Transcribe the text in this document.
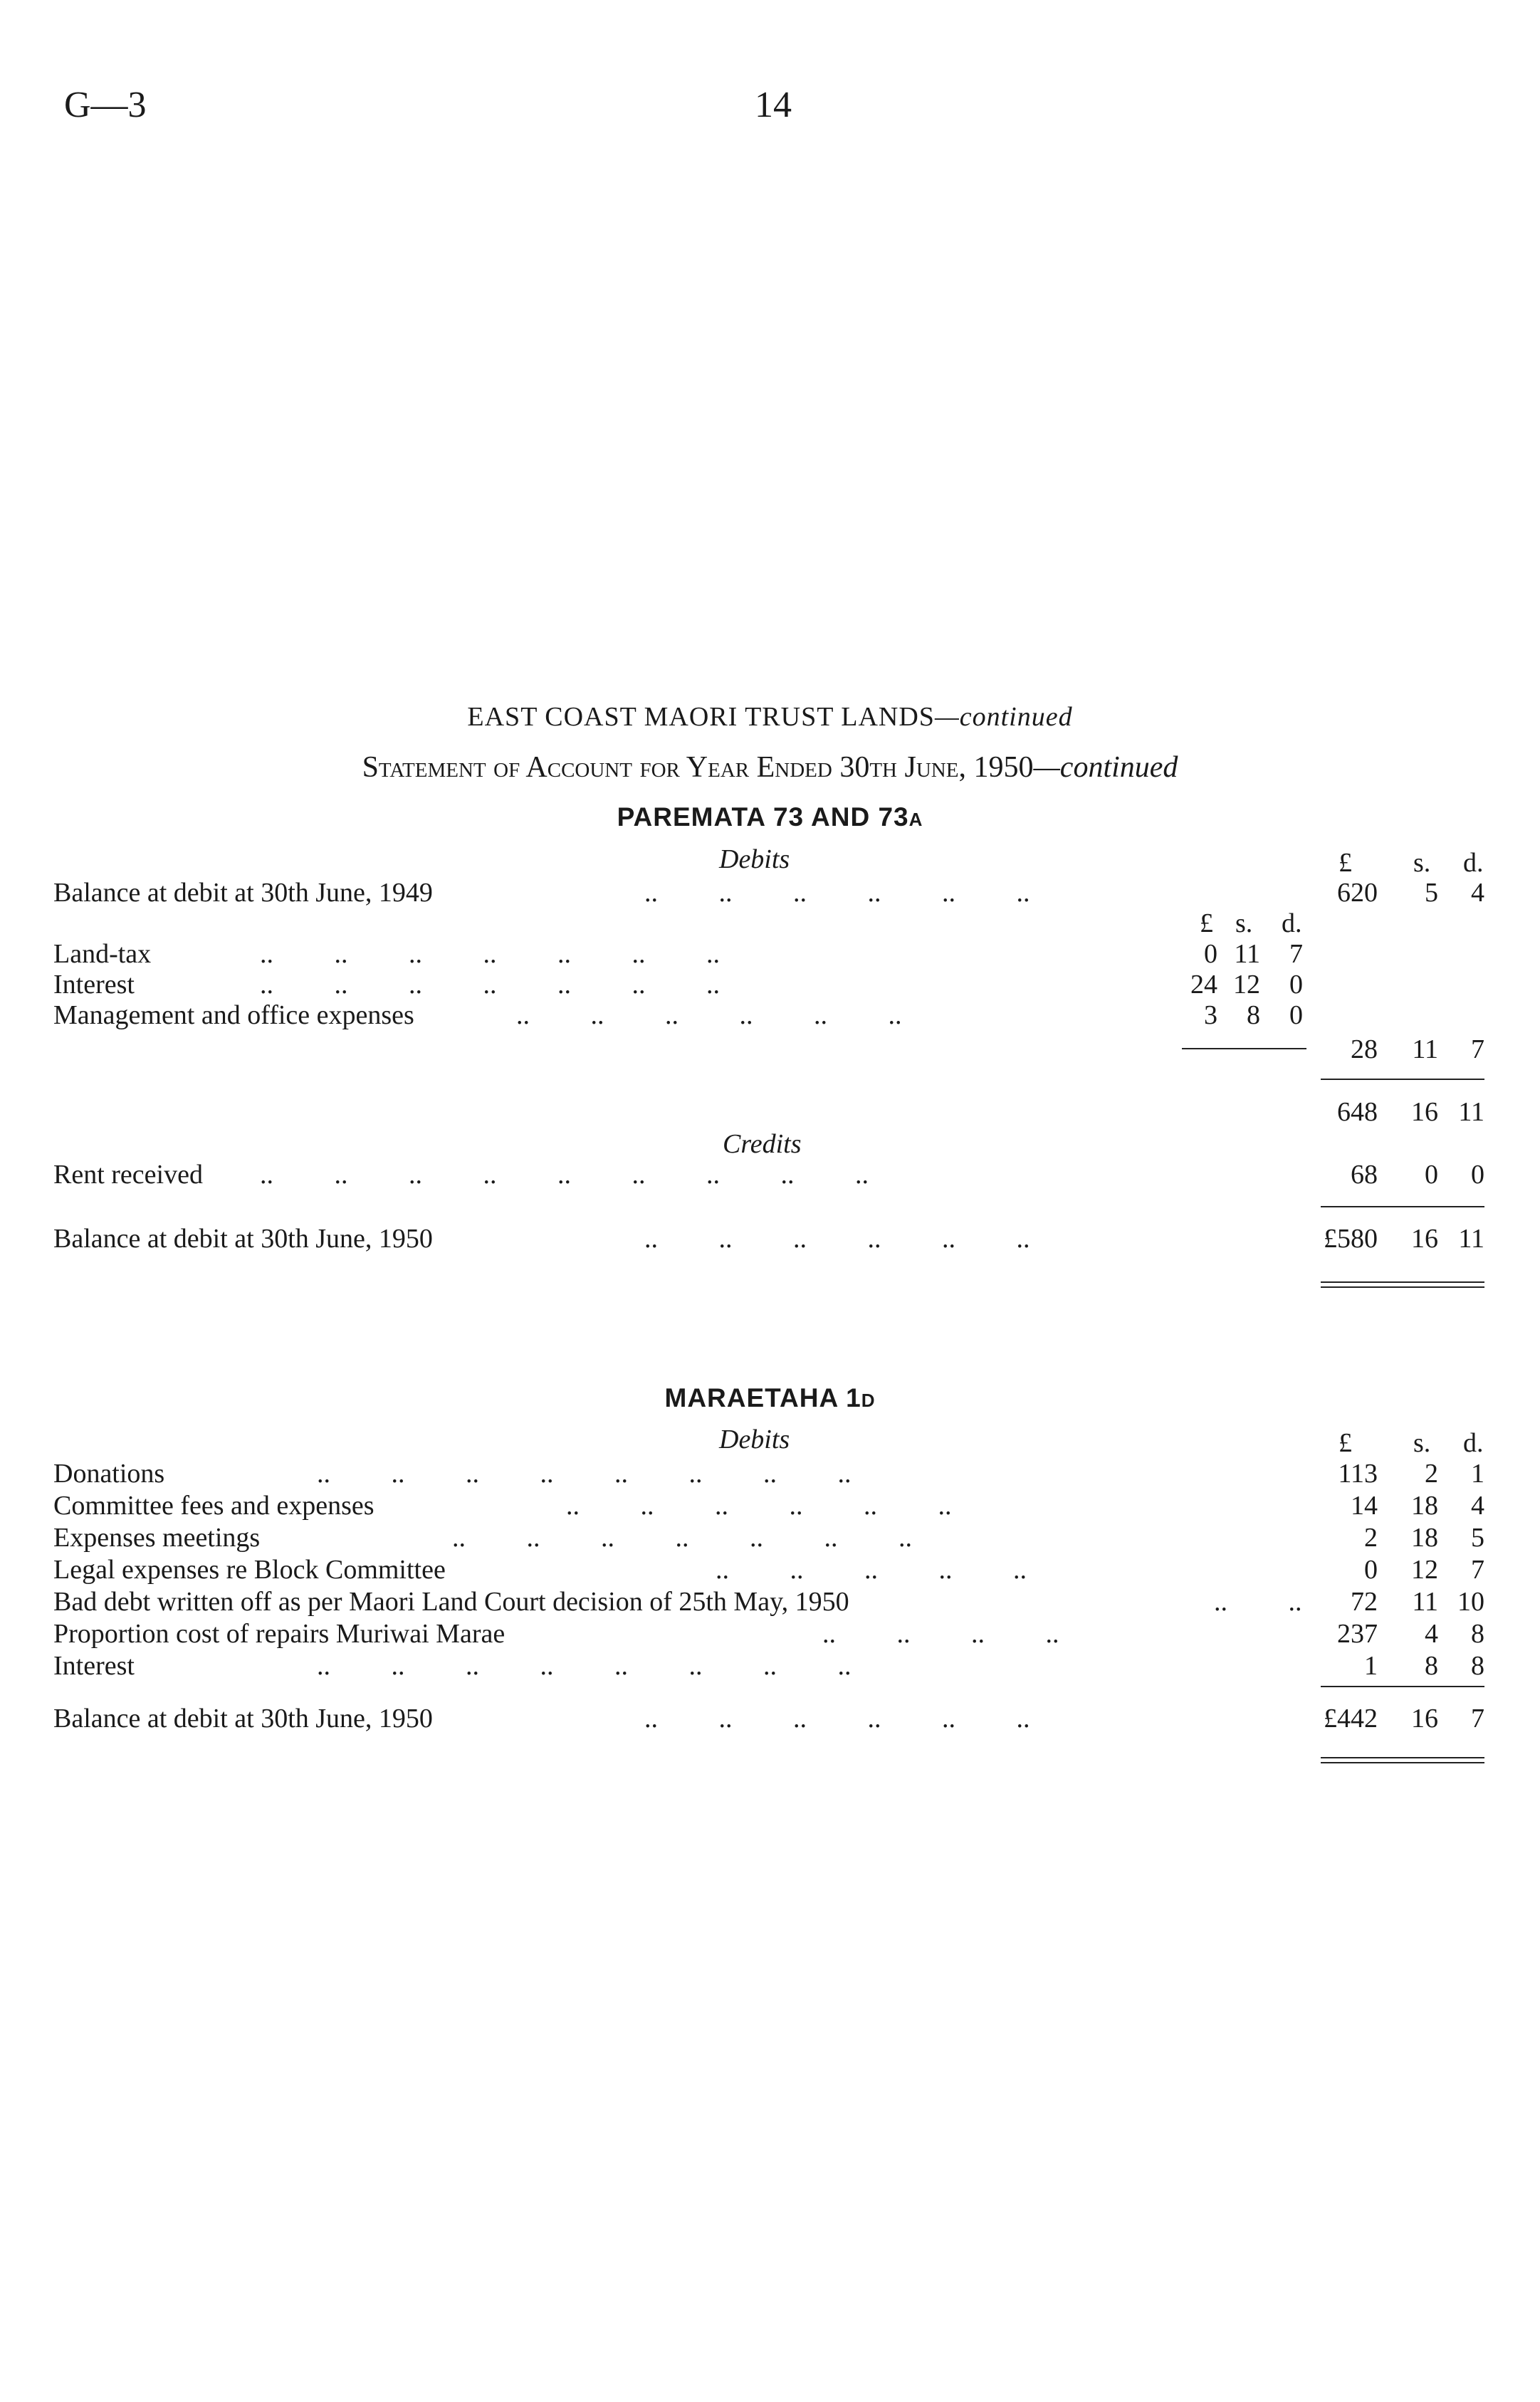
G—3	14
EAST COAST MAORI TRUST LANDS—continued
Statement of Account for Year Ended 30th June, 1950—continued
PAREMATA 73 AND 73A
Debits	£ s. d.
Balance at debit at 30th June, 1949	..         ..         ..         ..         ..         ..	620	5	4
£ s. d.
Land-tax	..         ..         ..         ..         ..         ..         ..	0 11	7
Interest	..         ..         ..         ..         ..         ..         ..	24 12	0
Management and office expenses	..         ..         ..         ..         ..         ..	3	8	0
28 11	7
648 16 11
Credits
Rent received ..         ..         ..         ..         ..         ..         ..         ..         ..	68	0	0
Balance at debit at 30th June, 1950	..         ..         ..         ..         ..         ..	£580 16 11
MARAETAHA 1D
Debits	£ s. d.
Donations	..         ..         ..         ..         ..         ..         ..         ..	113	2	1
Committee fees and expenses	..         ..         ..         ..         ..         ..	14 18	4
Expenses meetings	..         ..         ..         ..         ..         ..         ..	2 18	5
Legal expenses re Block Committee	..         ..         ..         ..         ..	0 12	7
Bad debt written off as per Maori Land Court decision of 25th May, 1950	..         ..	72 11 10
Proportion cost of repairs Muriwai Marae	..         ..         ..         ..	237	4	8
Interest	..         ..         ..         ..         ..         ..         ..         ..	1	8	8
Balance at debit at 30th June, 1950	..         ..         ..         ..         ..         ..	£442 16	7
